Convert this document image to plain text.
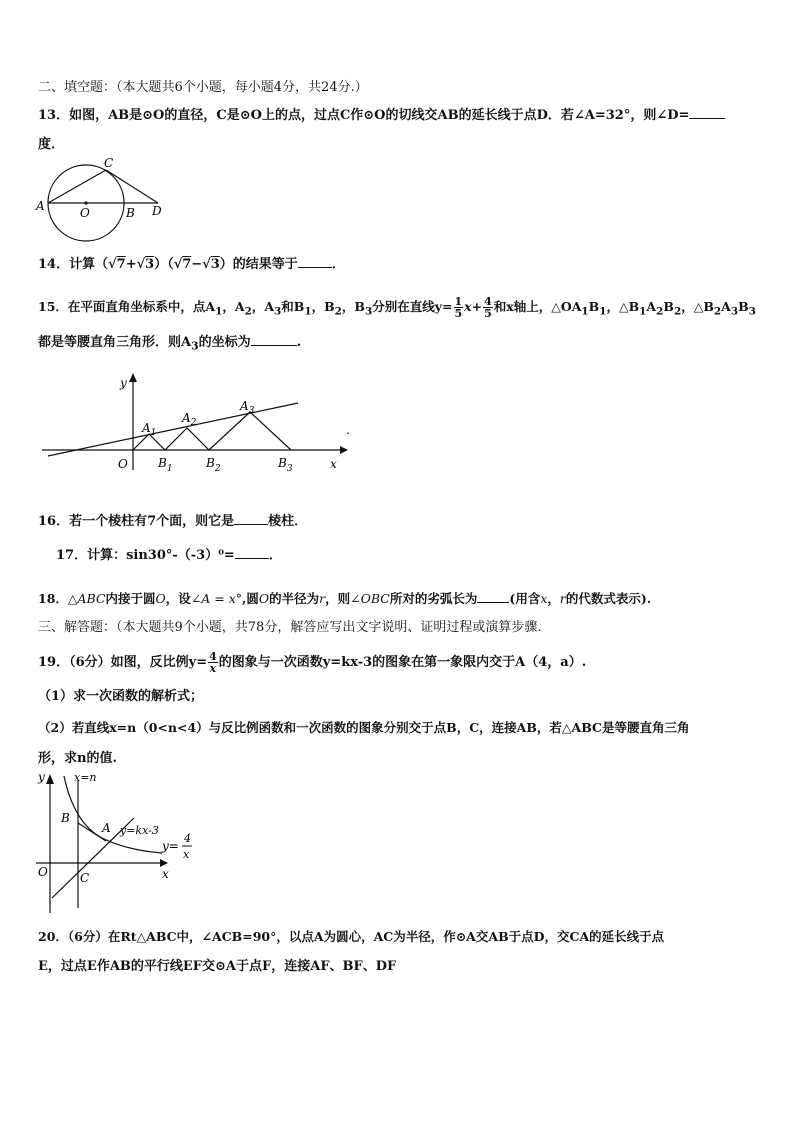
二、填空题：（本大题共6个小题，每小题4分，共24分.）
13．如图，AB是⊙O的直径，C是⊙O上的点，过点C作⊙O的切线交AB的延长线于点D．若∠A=32°，则∠D=
度．
A	O	B D
C
14．计算（√7+√3）（√7−√3）的结果等于	．
15．在平面直角坐标系中，点$A_1$，$A_2$，$A_3$和$B_1$，$B_2$，$B_3$分别在直线$y= \frac{1}{5} x+ \frac{4}{5}$ 和x轴上，$\triangle OA_1B_1$，$\triangle B_1A_2B_2$，$\triangle B_2A_3B_3$
都是等腰直角三角形．则$A_3$的坐标为	.
y
x
O
$A_1$
$A_2$
$A_3$
$B_1$	$B_2$	$B_3$
.
16．若一个棱柱有7个面，则它是	棱柱．
17．计算：sin30°-（-3）⁰=	．
18．△ABC内接于圆O，设∠A = x°,圆O的半径为r，则∠OBC所对的劣弧长为	(用含x，r的代数式表示).
三、解答题：（本大题共9个小题，共78分，解答应写出文字说明、证明过程或演算步骤.
19．（6分）如图，反比例$y= \frac{4}{x}$ 的图象与一次函数y=kx-3的图象在第一象限内交于A（4，a）.
（1）求一次函数的解析式；
（2）若直线x=n（0<n<4）与反比例函数和一次函数的图象分别交于点B，C，连接AB，若△ABC是等腰直角三角
形，求n的值.
y	x=n
B
A y=kx-3
O	C	x
y=
4
x
20．（6分）在Rt△ABC中，∠ACB=90°，以点A为圆心，AC为半径，作⊙A交AB于点D，交CA的延长线于点
E，过点E作AB的平行线EF交⊙A于点F，连接AF、BF、DF
